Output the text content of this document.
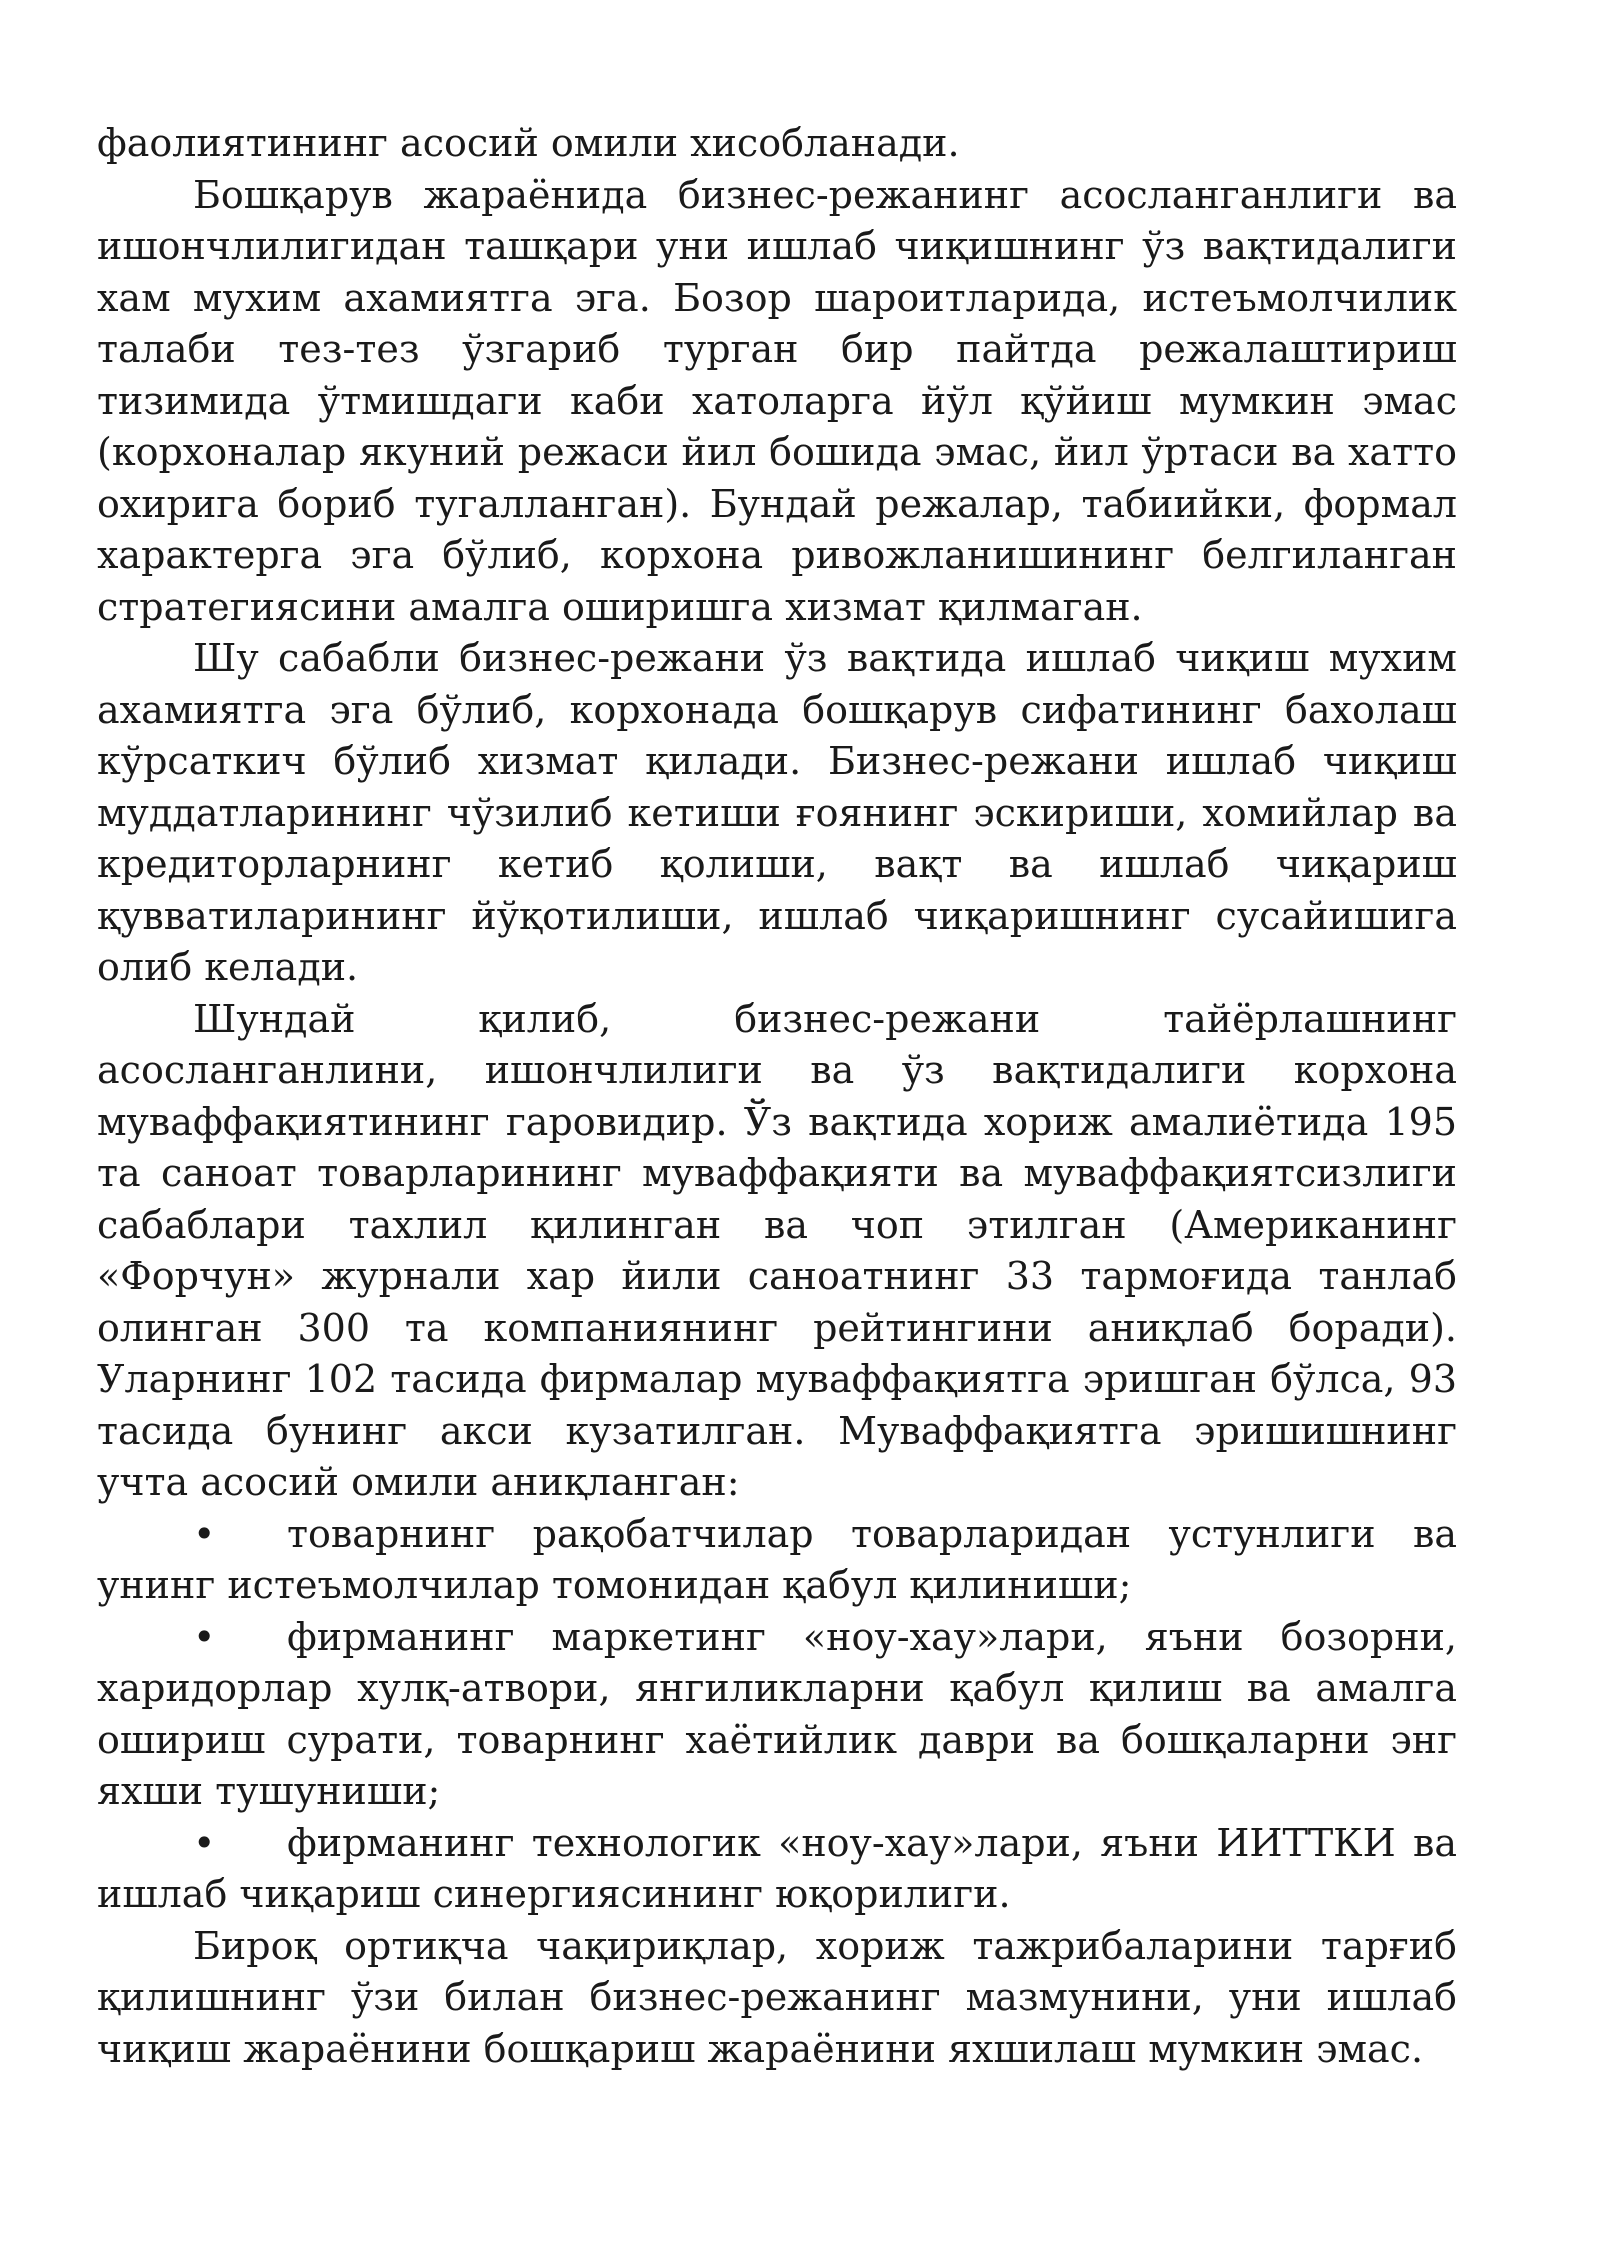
фаолиятининг асосий омили хисобланади.

Бошқарув жараёнида бизнес-режанинг асосланганлиги ва ишончлилигидан ташқари уни ишлаб чиқишнинг ўз вақтидалиги хам мухим ахамиятга эга. Бозор шароитларида, истеъмолчилик талаби тез-тез ўзгариб турган бир пайтда режалаштириш тизимида ўтмишдаги каби хатоларга йўл қўйиш мумкин эмас (корхоналар якуний режаси йил бошида эмас, йил ўртаси ва хатто охирига бориб тугалланган). Бундай режалар, табиийки, формал характерга эга бўлиб, корхона ривожланишининг белгиланган стратегиясини амалга оширишга хизмат қилмаган.

Шу сабабли бизнес-режани ўз вақтида ишлаб чиқиш мухим ахамиятга эга бўлиб, корхонада бошқарув сифатининг бахолаш кўрсаткич бўлиб хизмат қилади. Бизнес-режани ишлаб чиқиш муддатларининг чўзилиб кетиши ғоянинг эскириши, хомийлар ва кредиторларнинг кетиб қолиши, вақт ва ишлаб чиқариш қувватиларининг йўқотилиши, ишлаб чиқаришнинг сусайишига олиб келади.

Шундай қилиб, бизнес-режани тайёрлашнинг асосланганлини, ишончлилиги ва ўз вақтидалиги корхона муваффақиятининг гаровидир. Ўз вақтида хориж амалиётида 195 та саноат товарларининг муваффақияти ва муваффақиятсизлиги сабаблари тахлил қилинган ва чоп этилган (Американинг «Форчун» журнали хар йили саноатнинг 33 тармоғида танлаб олинган 300 та компаниянинг рейтингини аниқлаб боради). Уларнинг 102 тасида фирмалар муваффақиятга эришган бўлса, 93 тасида бунинг акси кузатилган. Муваффақиятга эришишнинг учта асосий омили аниқланган:

• товарнинг рақобатчилар товарларидан устунлиги ва унинг истеъмолчилар томонидан қабул қилиниши;

• фирманинг маркетинг «ноу-хау»лари, яъни бозорни, харидорлар хулқ-атвори, янгиликларни қабул қилиш ва амалга ошириш сурати, товарнинг хаётийлик даври ва бошқаларни энг яхши тушуниши;

• фирманинг технологик «ноу-хау»лари, яъни ИИТТКИ ва ишлаб чиқариш синергиясининг юқорилиги.

Бироқ ортиқча чақириқлар, хориж тажрибаларини тарғиб қилишнинг ўзи билан бизнес-режанинг мазмунини, уни ишлаб чиқиш жараёнини бошқариш жараёнини яхшилаш мумкин эмас.
